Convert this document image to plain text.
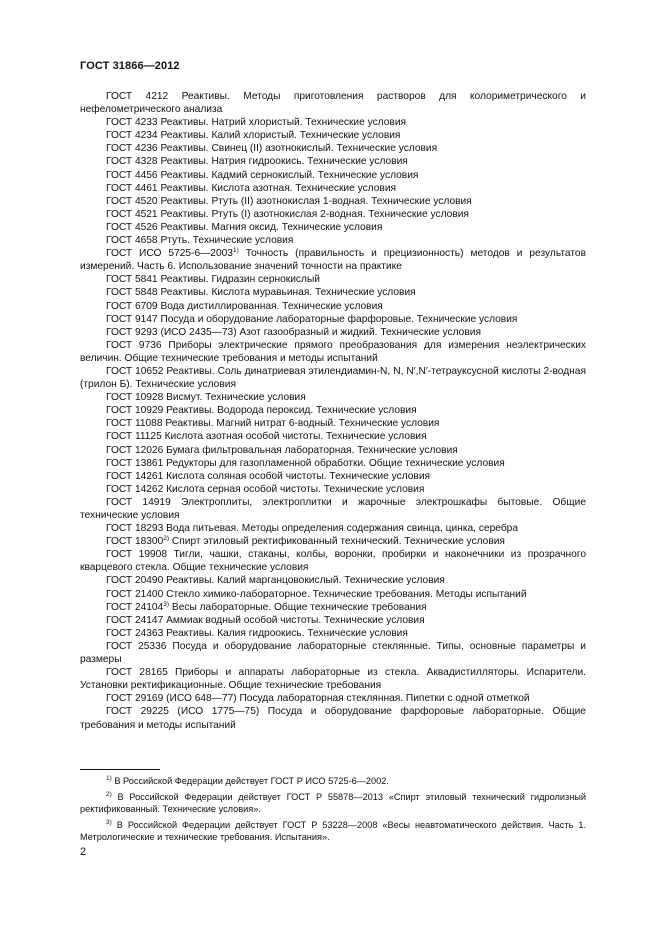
ГОСТ 31866—2012

ГОСТ 4212 Реактивы. Методы приготовления растворов для колориметрического и нефелометрического анализа

ГОСТ 4233 Реактивы. Натрий хлористый. Технические условия

ГОСТ 4234 Реактивы. Калий хлористый. Технические условия

ГОСТ 4236 Реактивы. Свинец (II) азотнокислый. Технические условия

ГОСТ 4328 Реактивы. Натрия гидроокись. Технические условия

ГОСТ 4456 Реактивы. Кадмий сернокислый. Технические условия

ГОСТ 4461 Реактивы. Кислота азотная. Технические условия

ГОСТ 4520 Реактивы. Ртуть (II) азотнокислая 1-водная. Технические условия

ГОСТ 4521 Реактивы. Ртуть (I) азотнокислая 2-водная. Технические условия

ГОСТ 4526 Реактивы. Магния оксид. Технические условия

ГОСТ 4658 Ртуть. Технические условия

ГОСТ ИСО 5725-6—2003$^{1)}$ Точность (правильность и прецизионность) методов и результатов измерений. Часть 6. Использование значений точности на практике

ГОСТ 5841 Реактивы. Гидразин сернокислый

ГОСТ 5848 Реактивы. Кислота муравьиная. Технические условия

ГОСТ 6709 Вода дистиллированная. Технические условия

ГОСТ 9147 Посуда и оборудование лабораторные фарфоровые. Технические условия

ГОСТ 9293 (ИСО 2435—73) Азот газообразный и жидкий. Технические условия

ГОСТ 9736 Приборы электрические прямого преобразования для измерения неэлектрических величин. Общие технические требования и методы испытаний

ГОСТ 10652 Реактивы. Соль динатриевая этилендиамин-N, N, N′,N′-тетрауксусной кислоты 2-водная (трилон Б). Технические условия

ГОСТ 10928 Висмут. Технические условия

ГОСТ 10929 Реактивы. Водорода пероксид. Технические условия

ГОСТ 11088 Реактивы. Магний нитрат 6-водный. Технические условия

ГОСТ 11125 Кислота азотная особой чистоты. Технические условия

ГОСТ 12026 Бумага фильтровальная лабораторная. Технические условия

ГОСТ 13861 Редукторы для газопламенной обработки. Общие технические условия

ГОСТ 14261 Кислота соляная особой чистоты. Технические условия

ГОСТ 14262 Кислота серная особой чистоты. Технические условия

ГОСТ 14919 Электроплиты, электроплитки и жарочные электрошкафы бытовые. Общие технические условия

ГОСТ 18293 Вода питьевая. Методы определения содержания свинца, цинка, серебра

ГОСТ 18300$^{2)}$ Спирт этиловый ректификованный технический. Технические условия

ГОСТ 19908 Тигли, чашки, стаканы, колбы, воронки, пробирки и наконечники из прозрачного кварцевого стекла. Общие технические условия

ГОСТ 20490 Реактивы. Калий марганцовокислый. Технические условия

ГОСТ 21400 Стекло химико-лабораторное. Технические требования. Методы испытаний

ГОСТ 24104$^{3)}$ Весы лабораторные. Общие технические требования

ГОСТ 24147 Аммиак водный особой чистоты. Технические условия

ГОСТ 24363 Реактивы. Калия гидроокись. Технические условия

ГОСТ 25336 Посуда и оборудование лабораторные стеклянные. Типы, основные параметры и размеры

ГОСТ 28165 Приборы и аппараты лабораторные из стекла. Аквадистилляторы. Испарители. Установки ректификационные. Общие технические требования

ГОСТ 29169 (ИСО 648—77) Посуда лабораторная стеклянная. Пипетки с одной отметкой

ГОСТ 29225 (ИСО 1775—75) Посуда и оборудование фарфоровые лабораторные. Общие требования и методы испытаний

$^{1)}$ В Российской Федерации действует ГОСТ Р ИСО 5725-6—2002.

$^{2)}$ В Российской Федерации действует ГОСТ Р 55878—2013 «Спирт этиловый технический гидролизный ректификованный. Технические условия».

$^{3)}$ В Российской Федерации действует ГОСТ Р 53228—2008 «Весы неавтоматического действия. Часть 1. Метрологические и технические требования. Испытания».

2
